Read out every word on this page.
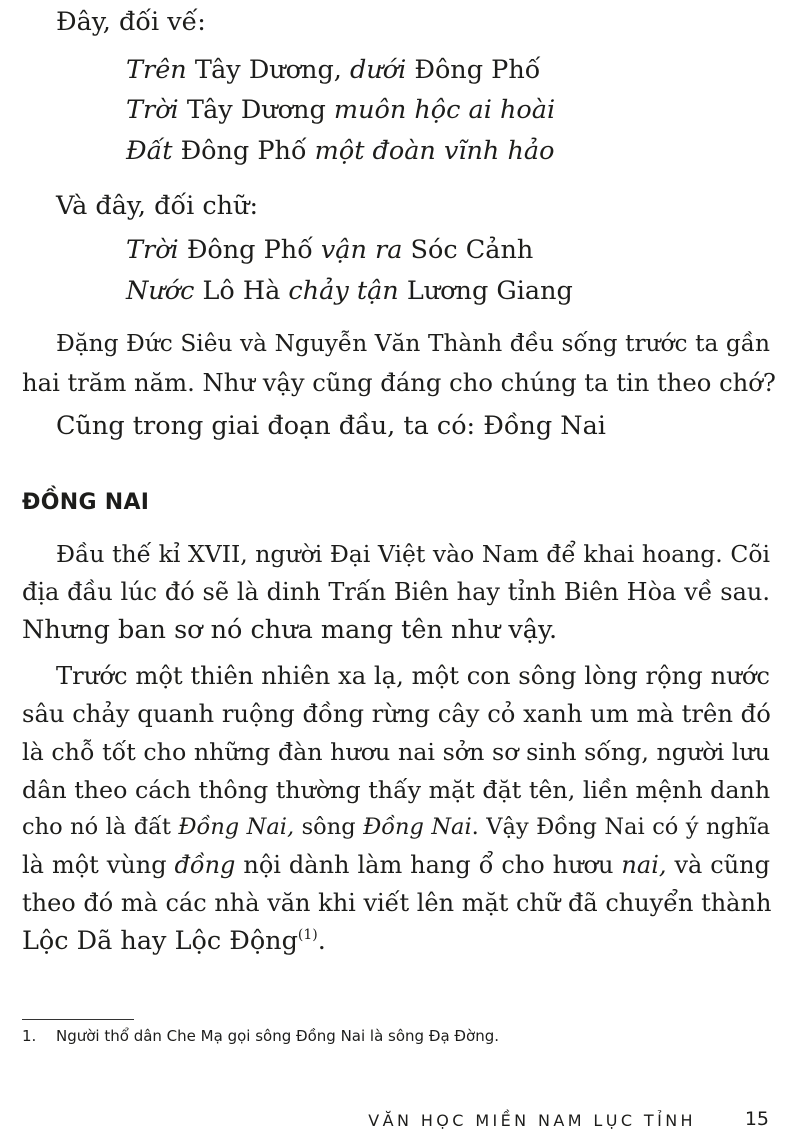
Đây, đối vế:
Trên Tây Dương, dưới Đông Phố
Trời Tây Dương muôn hộc ai hoài
Đất Đông Phố một đoàn vĩnh hảo
Và đây, đối chữ:
Trời Đông Phố vận ra Sóc Cảnh
Nước Lô Hà chảy tận Lương Giang
Đặng Đức Siêu và Nguyễn Văn Thành đều sống trước ta gần
hai trăm năm. Như vậy cũng đáng cho chúng ta tin theo chớ?
Cũng trong giai đoạn đầu, ta có: Đồng Nai
ĐỒNG NAI
Đầu thế kỉ XVII, người Đại Việt vào Nam để khai hoang. Cõi
địa đầu lúc đó sẽ là dinh Trấn Biên hay tỉnh Biên Hòa về sau.
Nhưng ban sơ nó chưa mang tên như vậy.
Trước một thiên nhiên xa lạ, một con sông lòng rộng nước
sâu chảy quanh ruộng đồng rừng cây cỏ xanh um mà trên đó
là chỗ tốt cho những đàn hươu nai sởn sơ sinh sống, người lưu
dân theo cách thông thường thấy mặt đặt tên, liền mệnh danh
cho nó là đất Đồng Nai, sông Đồng Nai. Vậy Đồng Nai có ý nghĩa
là một vùng đồng nội dành làm hang ổ cho hươu nai, và cũng
theo đó mà các nhà văn khi viết lên mặt chữ đã chuyển thành
Lộc Dã hay Lộc Động$^{(1)}$.
1. Người thổ dân Che Mạ gọi sông Đồng Nai là sông Đạ Đờng.
VĂN HỌC MIỀN NAM LỤC TỈNH	15
